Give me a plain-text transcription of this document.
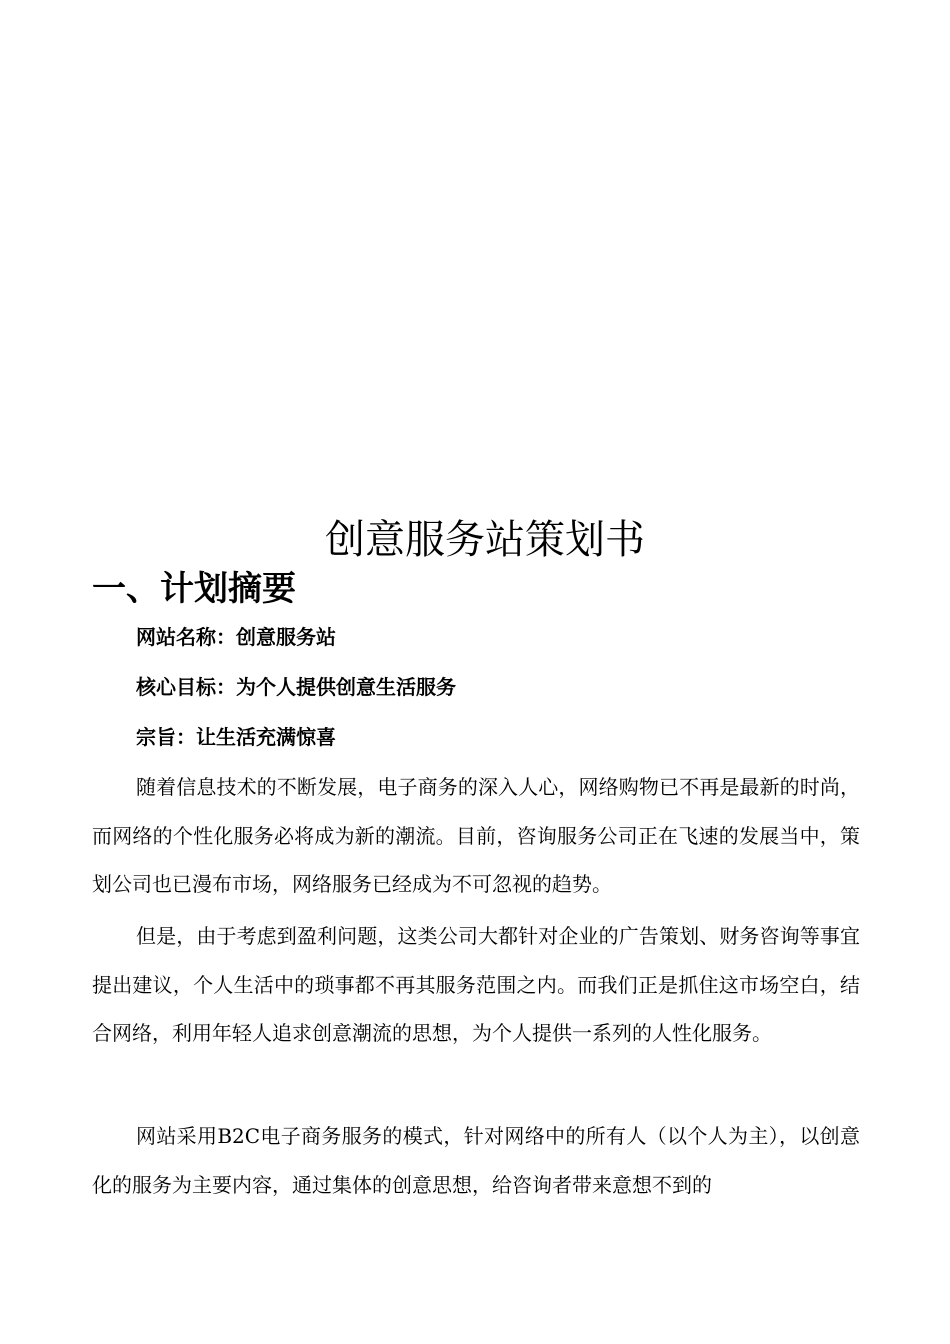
创意服务站策划书
一、计划摘要
网站名称：创意服务站
核心目标：为个人提供创意生活服务
宗旨：让生活充满惊喜

随着信息技术的不断发展，电子商务的深入人心，网络购物已不再是最新的时尚，而网络的个性化服务必将成为新的潮流。目前，咨询服务公司正在飞速的发展当中，策划公司也已漫布市场，网络服务已经成为不可忽视的趋势。

但是，由于考虑到盈利问题，这类公司大都针对企业的广告策划、财务咨询等事宜提出建议，个人生活中的琐事都不再其服务范围之内。而我们正是抓住这市场空白，结合网络，利用年轻人追求创意潮流的思想，为个人提供一系列的人性化服务。

网站采用B2C电子商务服务的模式，针对网络中的所有人（以个人为主），以创意化的服务为主要内容，通过集体的创意思想，给咨询者带来意想不到的
